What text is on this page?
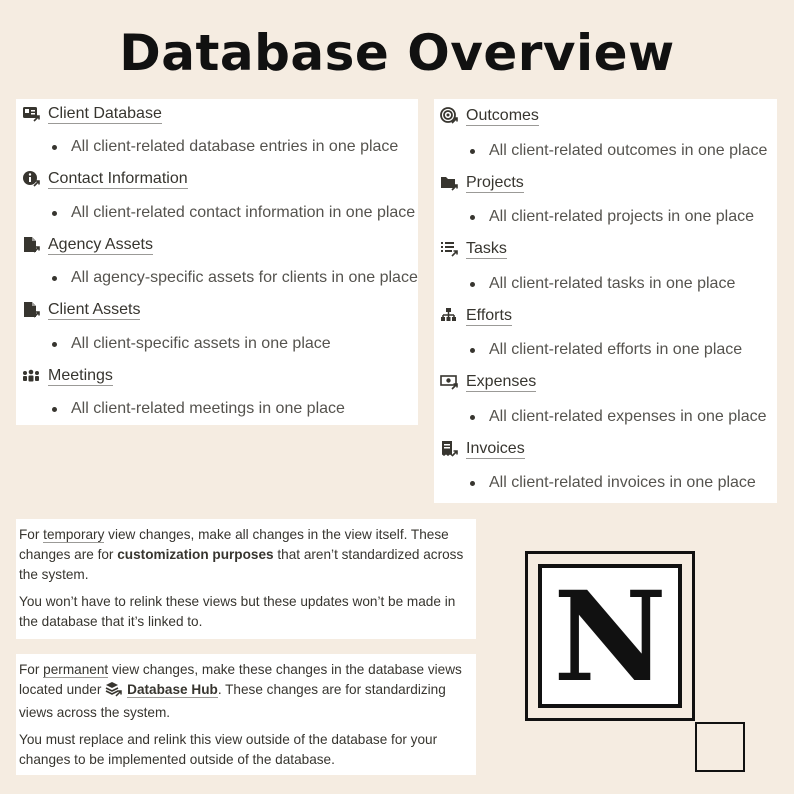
Database Overview
Client Database
All client-related database entries in one place
Contact Information
All client-related contact information in one place
Agency Assets
All agency-specific assets for clients in one place
Client Assets
All client-specific assets in one place
Meetings
All client-related meetings in one place
Outcomes
All client-related outcomes in one place
Projects
All client-related projects in one place
Tasks
All client-related tasks in one place
Efforts
All client-related efforts in one place
Expenses
All client-related expenses in one place
Invoices
All client-related invoices in one place

For temporary view changes, make all changes in the view itself. These changes are for customization purposes that aren’t standardized across the system.

You won’t have to relink these views but these updates won’t be made in the database that it’s linked to.

For permanent view changes, make these changes in the database views located under Database Hub. These changes are for standardizing views across the system.

You must replace and relink this view outside of the database for your changes to be implemented outside of the database.

N
